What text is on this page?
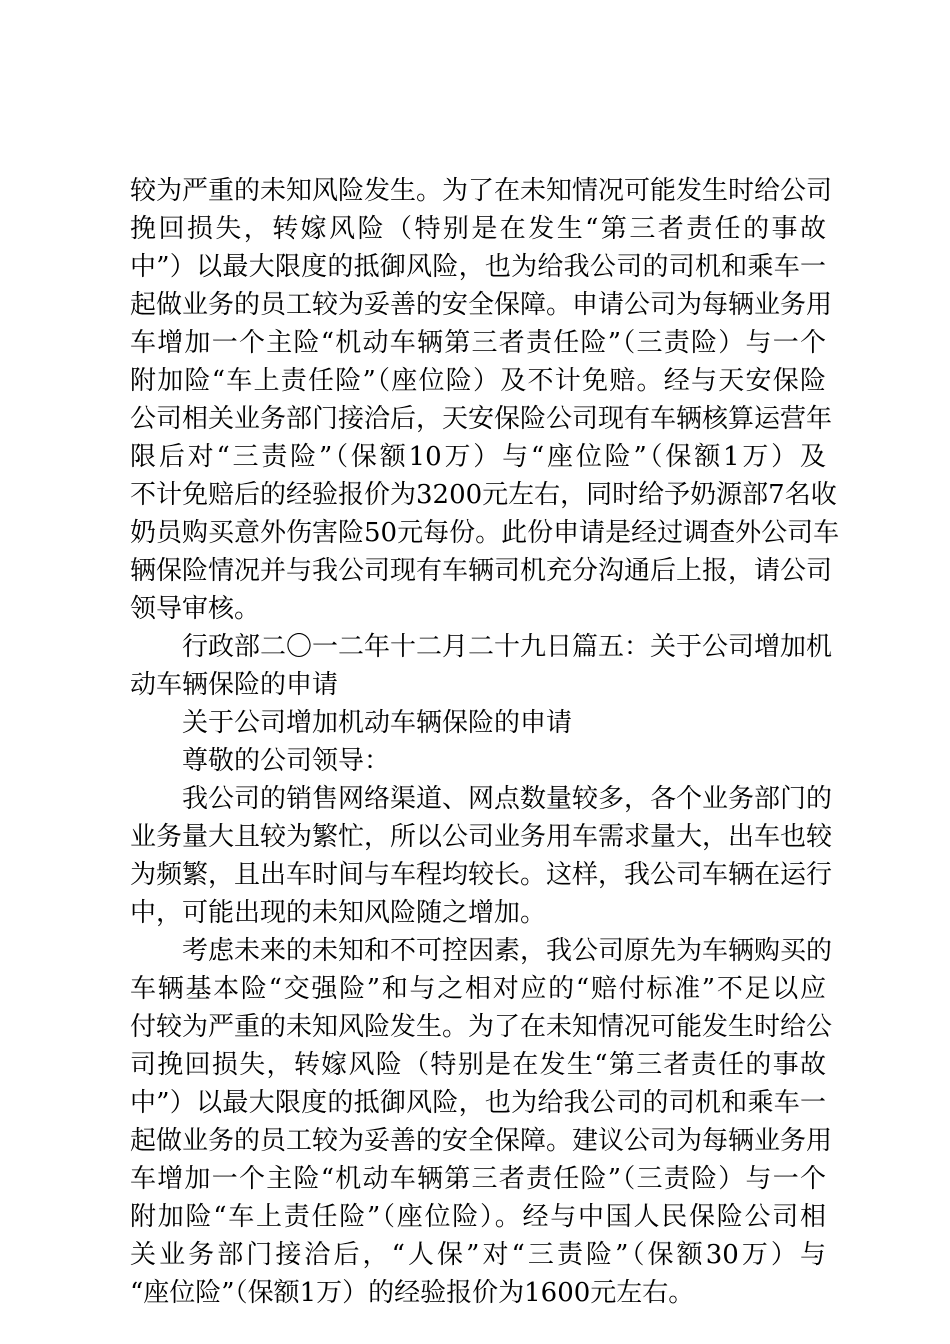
较为严重的未知风险发生。为了在未知情况可能发生时给公司
挽回损失，转嫁风险（特别是在发生“第三者责任的事故
中”）以最大限度的抵御风险，也为给我公司的司机和乘车一
起做业务的员工较为妥善的安全保障。申请公司为每辆业务用
车增加一个主险“机动车辆第三者责任险”（三责险）与一个
附加险“车上责任险”（座位险）及不计免赔。经与天安保险
公司相关业务部门接洽后，天安保险公司现有车辆核算运营年
限后对“三责险”（保额10万）与“座位险”（保额1万）及
不计免赔后的经验报价为3200元左右，同时给予奶源部7名收
奶员购买意外伤害险50元每份。此份申请是经过调查外公司车
辆保险情况并与我公司现有车辆司机充分沟通后上报，请公司
领导审核。
行政部二〇一二年十二月二十九日篇五：关于公司增加机
动车辆保险的申请
关于公司增加机动车辆保险的申请
尊敬的公司领导：
我公司的销售网络渠道、网点数量较多，各个业务部门的
业务量大且较为繁忙，所以公司业务用车需求量大，出车也较
为频繁，且出车时间与车程均较长。这样，我公司车辆在运行
中，可能出现的未知风险随之增加。
考虑未来的未知和不可控因素，我公司原先为车辆购买的
车辆基本险“交强险”和与之相对应的“赔付标准”不足以应
付较为严重的未知风险发生。为了在未知情况可能发生时给公
司挽回损失，转嫁风险（特别是在发生“第三者责任的事故
中”）以最大限度的抵御风险，也为给我公司的司机和乘车一
起做业务的员工较为妥善的安全保障。建议公司为每辆业务用
车增加一个主险“机动车辆第三者责任险”（三责险）与一个
附加险“车上责任险”（座位险）。经与中国人民保险公司相
关业务部门接洽后，“人保”对“三责险”（保额30万）与
“座位险”（保额1万）的经验报价为1600元左右。
